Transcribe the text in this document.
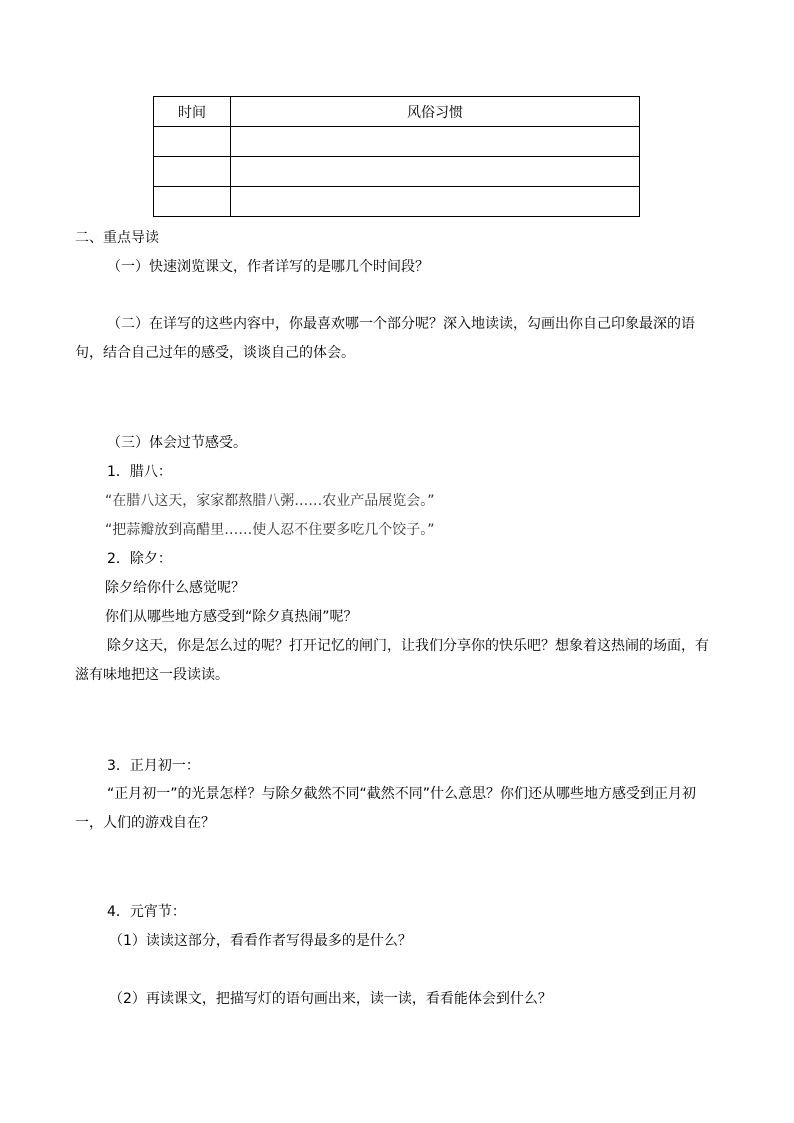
时间	风俗习惯

二、重点导读
（一）快速浏览课文，作者详写的是哪几个时间段？
（二）在详写的这些内容中，你最喜欢哪一个部分呢？深入地读读，勾画出你自己印象最深的语句，结合自己过年的感受，谈谈自己的体会。
（三）体会过节感受。
1．腊八：
“在腊八这天，家家都熬腊八粥……农业产品展览会。”
“把蒜瓣放到高醋里……使人忍不住要多吃几个饺子。”
2．除夕：
除夕给你什么感觉呢？
你们从哪些地方感受到“除夕真热闹”呢？
除夕这天，你是怎么过的呢？打开记忆的闸门，让我们分享你的快乐吧？想象着这热闹的场面，有滋有味地把这一段读读。
3．正月初一：
“正月初一”的光景怎样？与除夕截然不同“截然不同”什么意思？你们还从哪些地方感受到正月初一，人们的游戏自在？
4．元宵节：
（1）读读这部分，看看作者写得最多的是什么？
（2）再读课文，把描写灯的语句画出来，读一读，看看能体会到什么？
